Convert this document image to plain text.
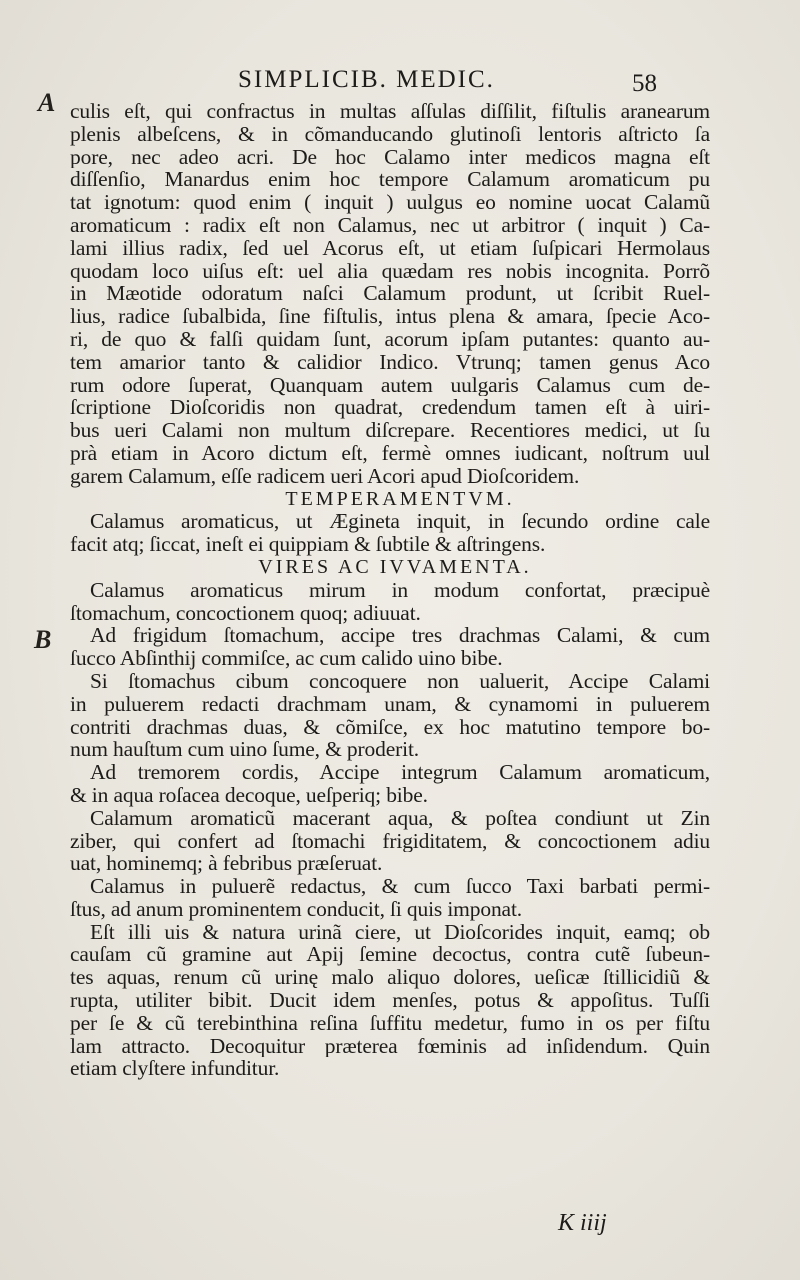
SIMPLICIB. MEDIC.	58
A
B
culis eſt, qui confractus in multas aſſulas diſſilit, fiſtulis aranearum
plenis albeſcens, & in cõmanducando glutinoſi lentoris aſtricto ſa
pore, nec adeo acri. De hoc Calamo inter medicos magna eſt
diſſenſio, Manardus enim hoc tempore Calamum aromaticum pu
tat ignotum: quod enim ( inquit ) uulgus eo nomine uocat Calamũ
aromaticum : radix eſt non Calamus, nec ut arbitror ( inquit ) Ca-
lami illius radix, ſed uel Acorus eſt, ut etiam ſuſpicari Hermolaus
quodam loco uiſus eſt: uel alia quædam res nobis incognita. Porrõ
in Mæotide odoratum naſci Calamum produnt, ut ſcribit Ruel-
lius, radice ſubalbida, ſine fiſtulis, intus plena & amara, ſpecie Aco-
ri, de quo & falſi quidam ſunt, acorum ipſam putantes: quanto au-
tem amarior tanto & calidior Indico. Vtrunq; tamen genus Aco
rum odore ſuperat, Quanquam autem uulgaris Calamus cum de-
ſcriptione Dioſcoridis non quadrat, credendum tamen eſt à uiri-
bus ueri Calami non multum diſcrepare. Recentiores medici, ut ſu
prà etiam in Acoro dictum eſt, fermè omnes iudicant, noſtrum uul
garem Calamum, eſſe radicem ueri Acori apud Dioſcoridem.
TEMPERAMENTVM.
Calamus aromaticus, ut Ægineta inquit, in ſecundo ordine cale
facit atq; ſiccat, ineſt ei quippiam & ſubtile & aſtringens.
VIRES AC IVVAMENTA.
Calamus aromaticus mirum in modum confortat, præcipuè
ſtomachum, concoctionem quoq; adiuuat.
Ad frigidum ſtomachum, accipe tres drachmas Calami, & cum
ſucco Abſinthij commiſce, ac cum calido uino bibe.
Si ſtomachus cibum concoquere non ualuerit, Accipe Calami
in puluerem redacti drachmam unam, & cynamomi in puluerem
contriti drachmas duas, & cõmiſce, ex hoc matutino tempore bo-
num hauſtum cum uino ſume, & proderit.
Ad tremorem cordis, Accipe integrum Calamum aromaticum,
& in aqua roſacea decoque, ueſperiq; bibe.
Calamum aromaticũ macerant aqua, & poſtea condiunt ut Zin
ziber, qui confert ad ſtomachi frigiditatem, & concoctionem adiu
uat, hominemq; à febribus præſeruat.
Calamus in puluerẽ redactus, & cum ſucco Taxi barbati permi-
ſtus, ad anum prominentem conducit, ſi quis imponat.
Eſt illi uis & natura urinã ciere, ut Dioſcorides inquit, eamq; ob
cauſam cũ gramine aut Apij ſemine decoctus, contra cutẽ ſubeun-
tes aquas, renum cũ urinę malo aliquo dolores, ueſicæ ſtillicidiũ &
rupta, utiliter bibit. Ducit idem menſes, potus & appoſitus. Tuſſi
per ſe & cũ terebinthina reſina ſuffitu medetur, fumo in os per fiſtu
lam attracto. Decoquitur præterea fœminis ad inſidendum. Quin
etiam clyſtere infunditur.
K iiij
